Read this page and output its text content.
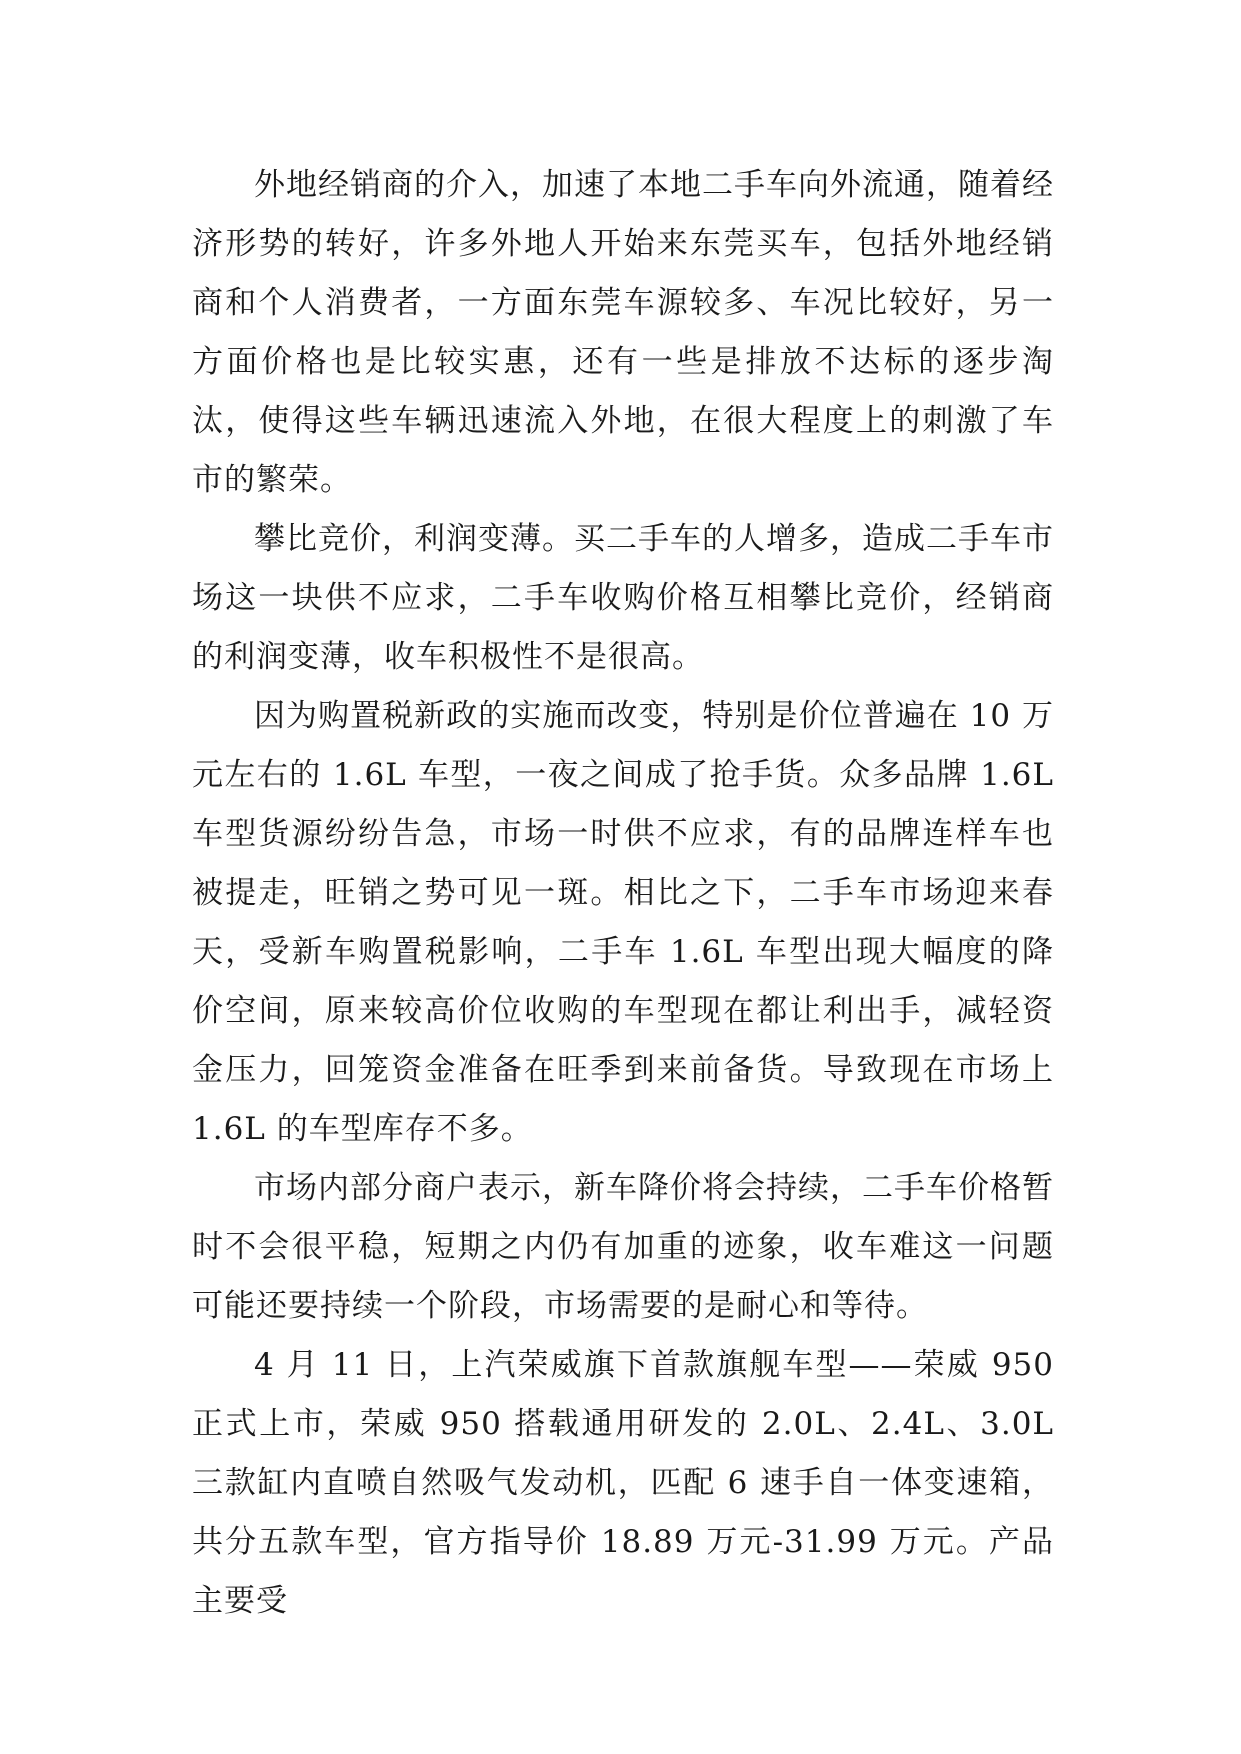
外地经销商的介入，加速了本地二手车向外流通，随着经济形势的转好，许多外地人开始来东莞买车，包括外地经销商和个人消费者，一方面东莞车源较多、车况比较好，另一方面价格也是比较实惠，还有一些是排放不达标的逐步淘汰，使得这些车辆迅速流入外地，在很大程度上的刺激了车市的繁荣。

攀比竞价，利润变薄。买二手车的人增多，造成二手车市场这一块供不应求，二手车收购价格互相攀比竞价，经销商的利润变薄，收车积极性不是很高。

因为购置税新政的实施而改变，特别是价位普遍在 10 万元左右的 1.6L 车型，一夜之间成了抢手货。众多品牌 1.6L 车型货源纷纷告急，市场一时供不应求，有的品牌连样车也被提走，旺销之势可见一斑。相比之下，二手车市场迎来春天，受新车购置税影响，二手车 1.6L 车型出现大幅度的降价空间，原来较高价位收购的车型现在都让利出手，减轻资金压力，回笼资金准备在旺季到来前备货。导致现在市场上 1.6L 的车型库存不多。

市场内部分商户表示，新车降价将会持续，二手车价格暂时不会很平稳，短期之内仍有加重的迹象，收车难这一问题可能还要持续一个阶段，市场需要的是耐心和等待。

4 月 11 日，上汽荣威旗下首款旗舰车型——荣威 950 正式上市，荣威 950 搭载通用研发的 2.0L、2.4L、3.0L 三款缸内直喷自然吸气发动机，匹配 6 速手自一体变速箱，共分五款车型，官方指导价 18.89 万元-31.99 万元。产品主要受
